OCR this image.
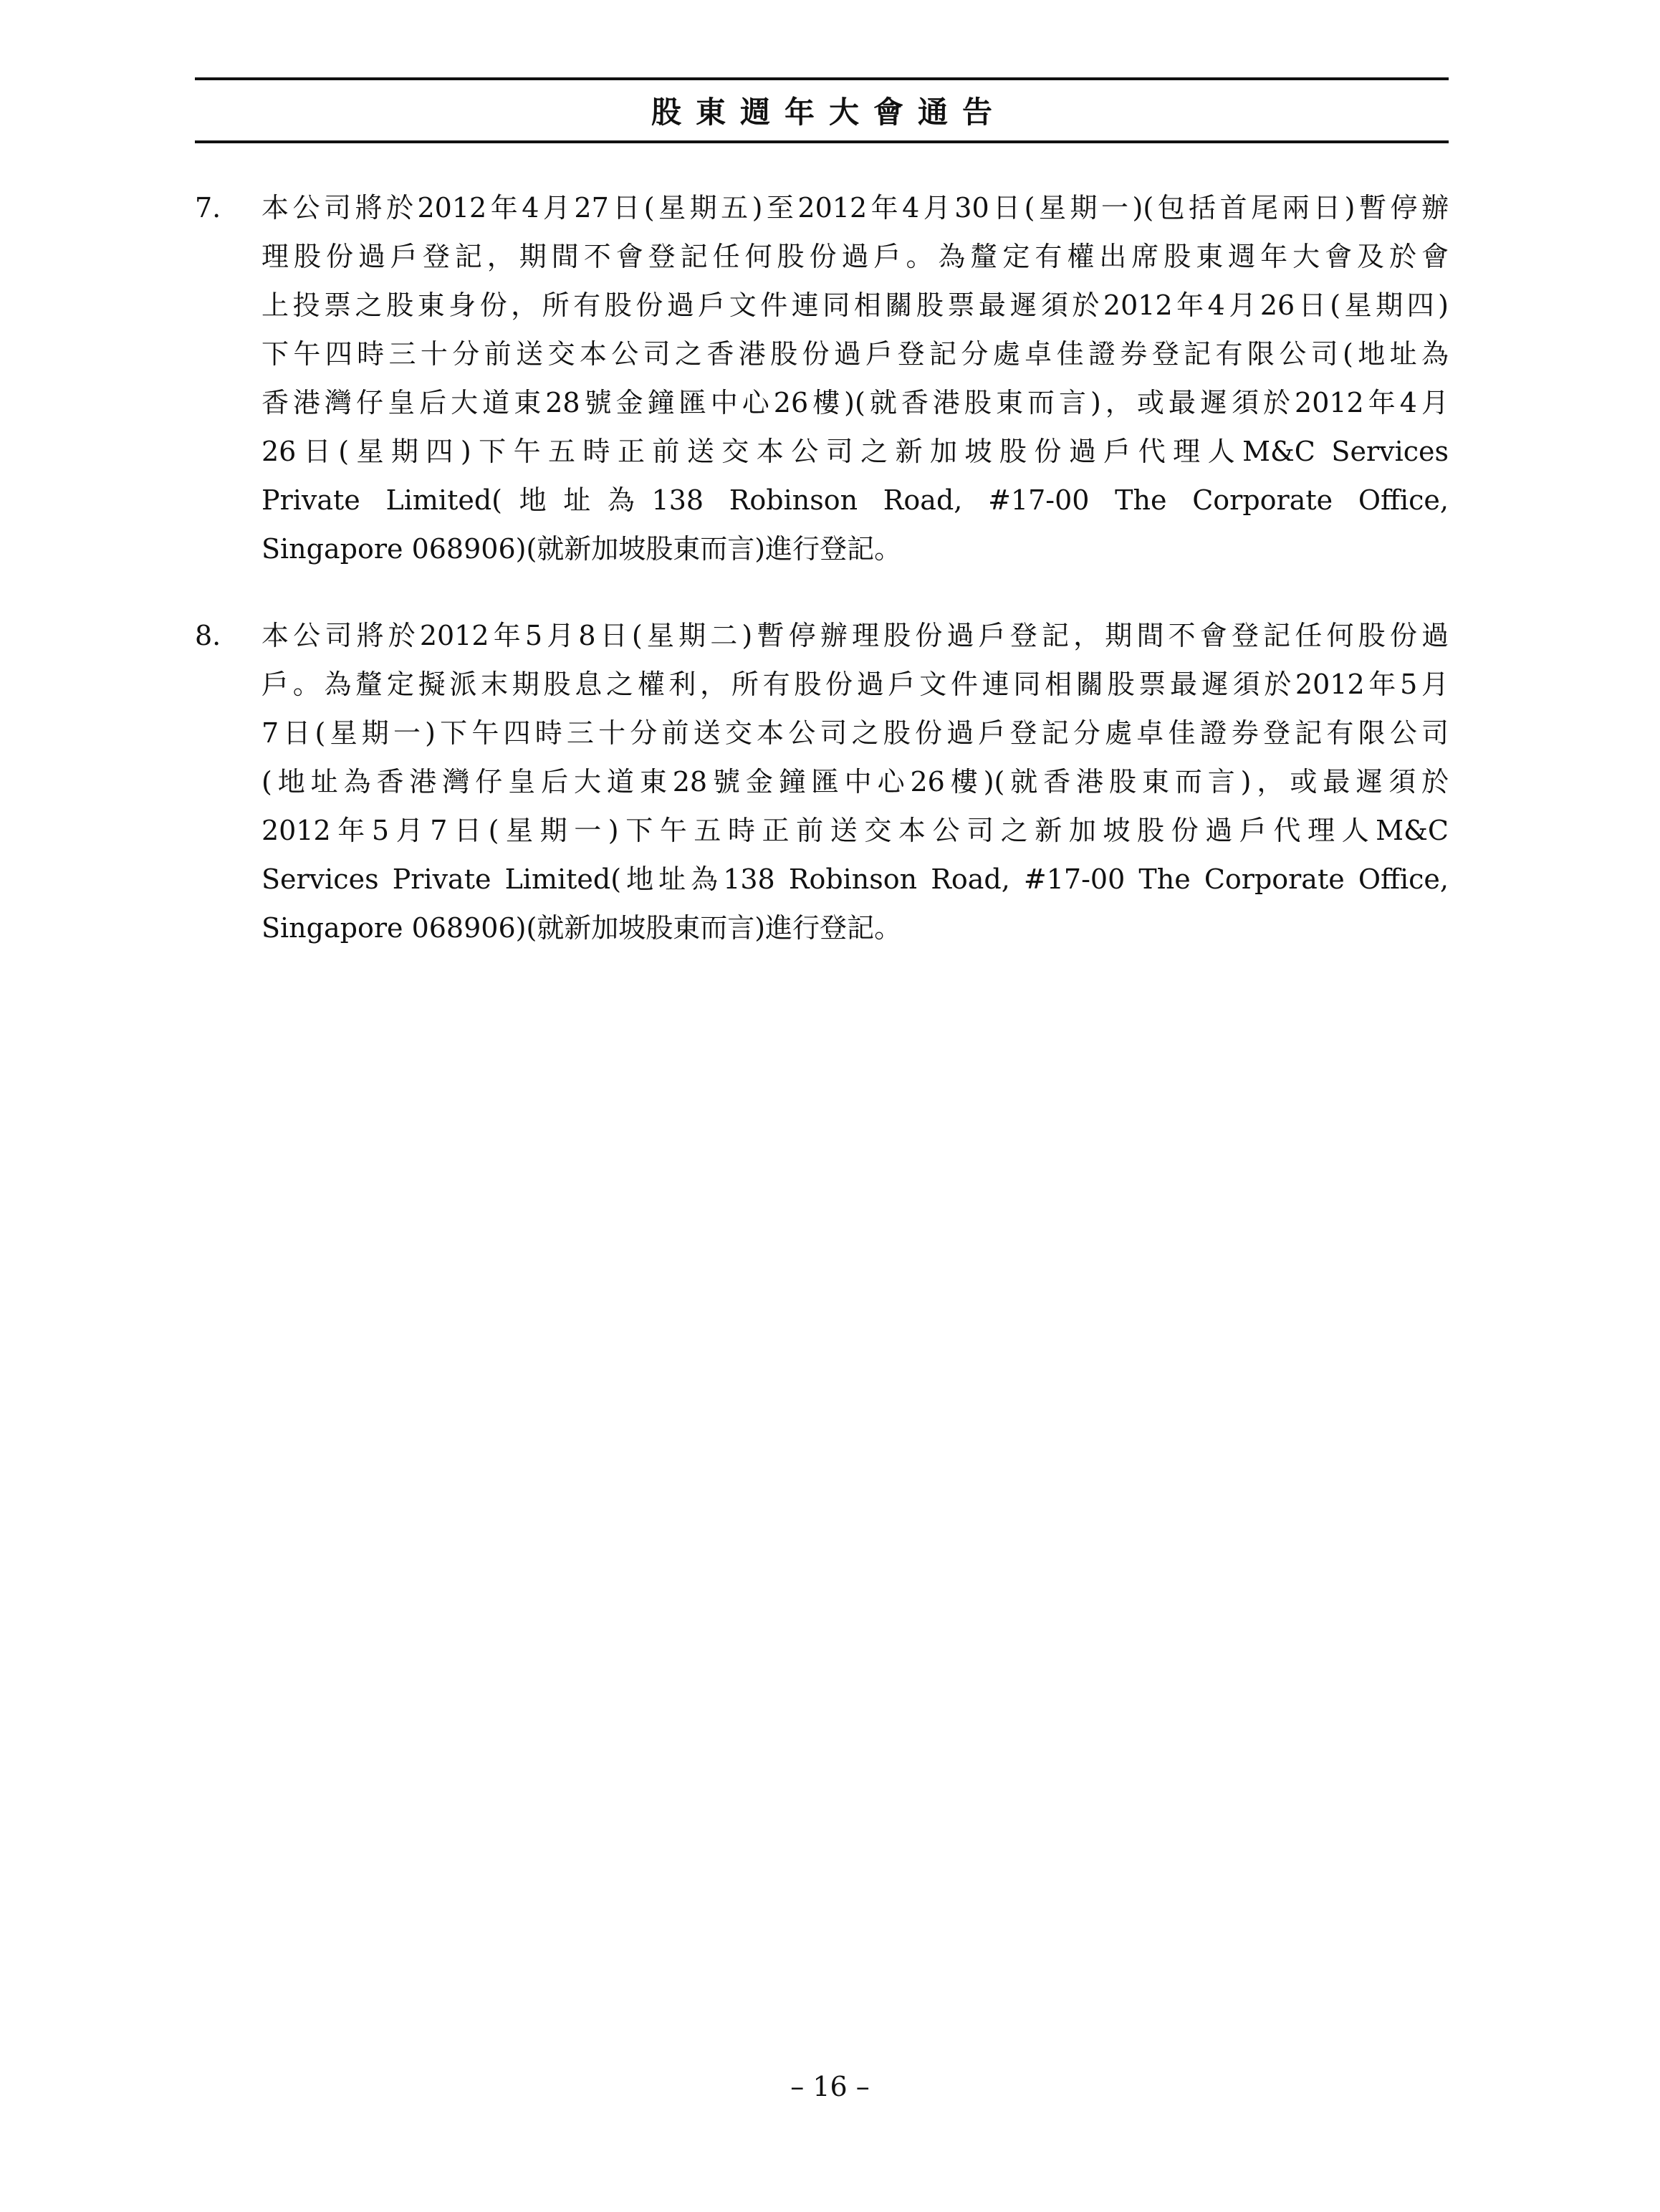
股東週年大會通告
7. 本公司將於2012年4月27日(星期五)至2012年4月30日(星期一)(包括首尾兩日)暫停辦
理股份過戶登記，期間不會登記任何股份過戶。為釐定有權出席股東週年大會及於會
上投票之股東身份，所有股份過戶文件連同相關股票最遲須於2012年4月26日(星期四)
下午四時三十分前送交本公司之香港股份過戶登記分處卓佳證券登記有限公司(地址為
香港灣仔皇后大道東28號金鐘匯中心26樓)(就香港股東而言)，或最遲須於2012年4月
26日(星期四)下午五時正前送交本公司之新加坡股份過戶代理人M&C Services
Private Limited(地址為138 Robinson Road, #17-00 The Corporate Office,
Singapore 068906)(就新加坡股東而言)進行登記。
8. 本公司將於2012年5月8日(星期二)暫停辦理股份過戶登記，期間不會登記任何股份過
戶。為釐定擬派末期股息之權利，所有股份過戶文件連同相關股票最遲須於2012年5月
7日(星期一)下午四時三十分前送交本公司之股份過戶登記分處卓佳證券登記有限公司
(地址為香港灣仔皇后大道東28號金鐘匯中心26樓)(就香港股東而言)，或最遲須於
2012年5月7日(星期一)下午五時正前送交本公司之新加坡股份過戶代理人M&C
Services Private Limited(地址為138 Robinson Road, #17-00 The Corporate Office,
Singapore 068906)(就新加坡股東而言)進行登記。
– 16 –
